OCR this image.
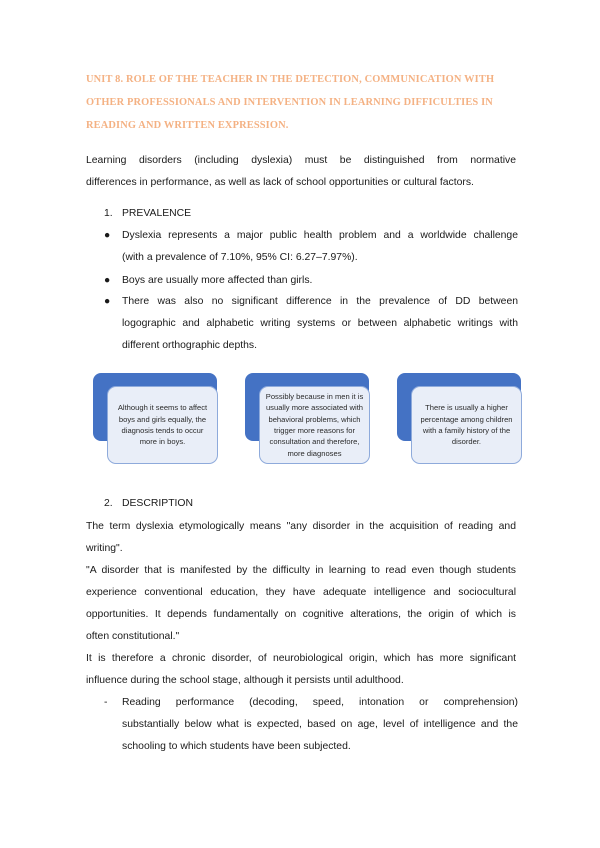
UNIT 8. ROLE OF THE TEACHER IN THE DETECTION, COMMUNICATION WITH
OTHER PROFESSIONALS AND INTERVENTION IN LEARNING DIFFICULTIES IN
READING AND WRITTEN EXPRESSION.
Learning disorders (including dyslexia) must be distinguished from normative
differences in performance, as well as lack of school opportunities or cultural factors.
1. PREVALENCE
● Dyslexia represents a major public health problem and a worldwide challenge
(with a prevalence of 7.10%, 95% CI: 6.27–7.97%).
● Boys are usually more affected than girls.
● There was also no significant difference in the prevalence of DD between
logographic and alphabetic writing systems or between alphabetic writings with
different orthographic depths.
Although it seems to affect boys and girls equally, the diagnosis tends to occur more in boys.
Possibly because in men it is usually more associated with behavioral problems, which trigger more reasons for consultation and therefore, more diagnoses
There is usually a higher percentage among children with a family history of the disorder.
2. DESCRIPTION
The term dyslexia etymologically means "any disorder in the acquisition of reading and
writing".
"A disorder that is manifested by the difficulty in learning to read even though students
experience conventional education, they have adequate intelligence and sociocultural
opportunities. It depends fundamentally on cognitive alterations, the origin of which is
often constitutional."
It is therefore a chronic disorder, of neurobiological origin, which has more significant
influence during the school stage, although it persists until adulthood.
- Reading performance (decoding, speed, intonation or comprehension)
substantially below what is expected, based on age, level of intelligence and the
schooling to which students have been subjected.
